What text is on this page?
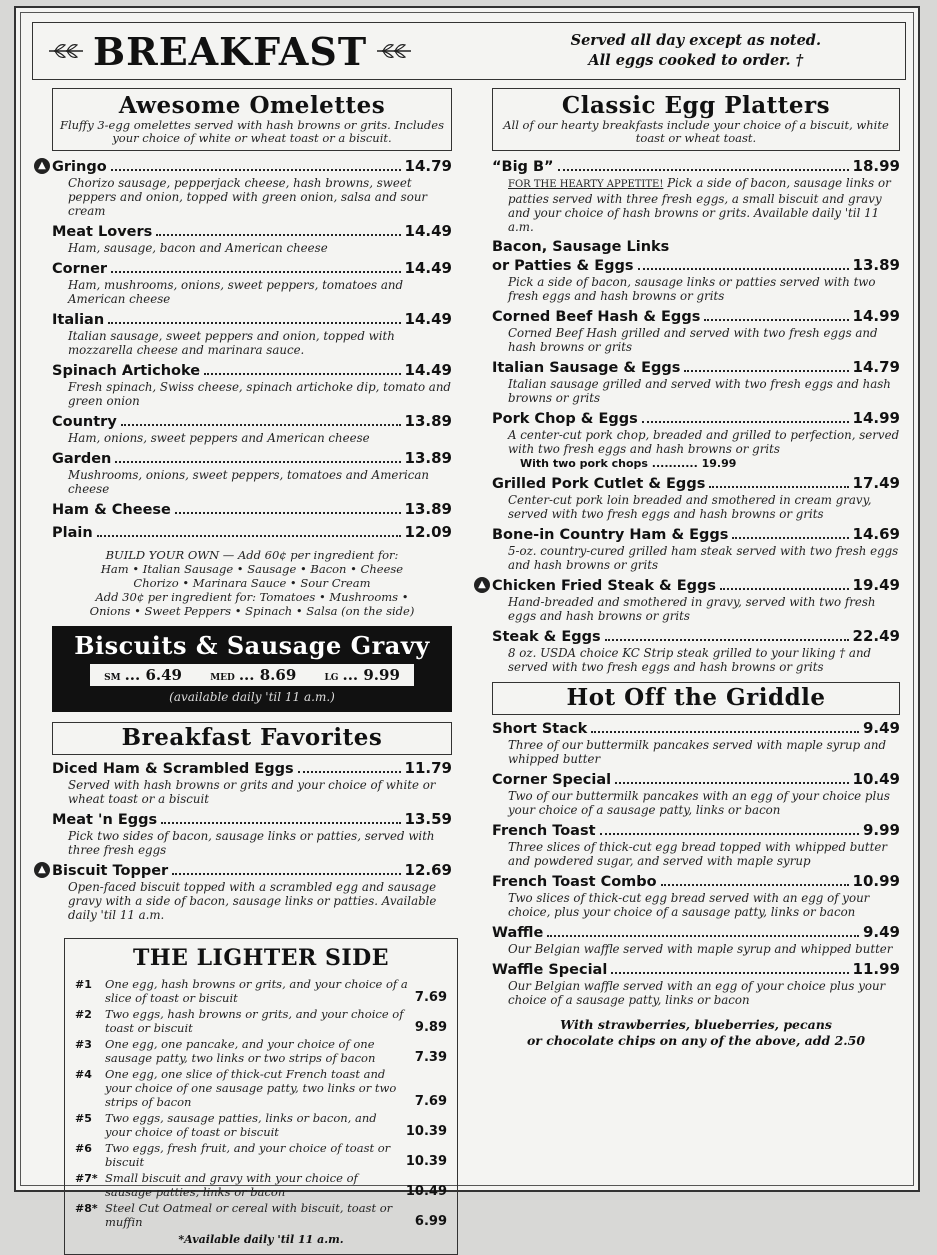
BREAKFAST	Served all day except as noted.
All eggs cooked to order. †
Awesome Omelettes
Fluffy 3-egg omelettes served with hash browns or grits. Includes your choice of white or wheat toast or a biscuit.
▲ Gringo	14.79
Chorizo sausage, pepperjack cheese, hash browns, sweet peppers and onion, topped with green onion, salsa and sour cream
Meat Lovers	14.49
Ham, sausage, bacon and American cheese
Corner	14.49
Ham, mushrooms, onions, sweet peppers, tomatoes and American cheese
Italian	14.49
Italian sausage, sweet peppers and onion, topped with mozzarella cheese and marinara sauce.
Spinach Artichoke	14.49
Fresh spinach, Swiss cheese, spinach artichoke dip, tomato and green onion
Country	13.89
Ham, onions, sweet peppers and American cheese
Garden	13.89
Mushrooms, onions, sweet peppers, tomatoes and American cheese
Ham & Cheese	13.89
Plain	12.09
BUILD YOUR OWN — Add 60¢ per ingredient for:
Ham • Italian Sausage • Sausage • Bacon • Cheese
Chorizo • Marinara Sauce • Sour Cream
Add 30¢ per ingredient for: Tomatoes • Mushrooms •
Onions • Sweet Peppers • Spinach • Salsa (on the side)
Biscuits & Sausage Gravy
SM ... 6.49	MED ... 8.69	LG ... 9.99
(available daily 'til 11 a.m.)
Breakfast Favorites
Diced Ham & Scrambled Eggs	11.79
Served with hash browns or grits and your choice of white or wheat toast or a biscuit
Meat 'n Eggs	13.59
Pick two sides of bacon, sausage links or patties, served with three fresh eggs
▲ Biscuit Topper	12.69
Open-faced biscuit topped with a scrambled egg and sausage gravy with a side of bacon, sausage links or patties. Available daily 'til 11 a.m.
THE LIGHTER SIDE
#1	One egg, hash browns or grits, and your choice of a slice of toast or biscuit	7.69
#2	Two eggs, hash browns or grits, and your choice of toast or biscuit	9.89
#3	One egg, one pancake, and your choice of one sausage patty, two links or two strips of bacon	7.39
#4	One egg, one slice of thick-cut French toast and your choice of one sausage patty, two links or two strips of bacon	7.69
#5	Two eggs, sausage patties, links or bacon, and your choice of toast or biscuit	10.39
#6	Two eggs, fresh fruit, and your choice of toast or biscuit	10.39
#7* Small biscuit and gravy with your choice of sausage patties, links or bacon	10.49
#8* Steel Cut Oatmeal or cereal with biscuit, toast or muffin	6.99
*Available daily 'til 11 a.m.
Classic Egg Platters
All of our hearty breakfasts include your choice of a biscuit, white toast or wheat toast.
“Big B”	18.99
FOR THE HEARTY APPETITE! Pick a side of bacon, sausage links or patties served with three fresh eggs, a small biscuit and gravy and your choice of hash browns or grits. Available daily 'til 11 a.m.
Bacon, Sausage Links
or Patties & Eggs	13.89
Pick a side of bacon, sausage links or patties served with two fresh eggs and hash browns or grits
Corned Beef Hash & Eggs	14.99
Corned Beef Hash grilled and served with two fresh eggs and hash browns or grits
Italian Sausage & Eggs	14.79
Italian sausage grilled and served with two fresh eggs and hash browns or grits
Pork Chop & Eggs	14.99
A center-cut pork chop, breaded and grilled to perfection, served with two fresh eggs and hash browns or grits
With two pork chops ........... 19.99
Grilled Pork Cutlet & Eggs	17.49
Center-cut pork loin breaded and smothered in cream gravy, served with two fresh eggs and hash browns or grits
Bone-in Country Ham & Eggs	14.69
5-oz. country-cured grilled ham steak served with two fresh eggs and hash browns or grits
▲ Chicken Fried Steak & Eggs	19.49
Hand-breaded and smothered in gravy, served with two fresh eggs and hash browns or grits
Steak & Eggs	22.49
8 oz. USDA choice KC Strip steak grilled to your liking † and served with two fresh eggs and hash browns or grits
Hot Off the Griddle
Short Stack	9.49
Three of our buttermilk pancakes served with maple syrup and whipped butter
Corner Special	10.49
Two of our buttermilk pancakes with an egg of your choice plus your choice of a sausage patty, links or bacon
French Toast	9.99
Three slices of thick-cut egg bread topped with whipped butter and powdered sugar, and served with maple syrup
French Toast Combo	10.99
Two slices of thick-cut egg bread served with an egg of your choice, plus your choice of a sausage patty, links or bacon
Waffle	9.49
Our Belgian waffle served with maple syrup and whipped butter
Waffle Special	11.99
Our Belgian waffle served with an egg of your choice plus your choice of a sausage patty, links or bacon
With strawberries, blueberries, pecans
or chocolate chips on any of the above, add 2.50
